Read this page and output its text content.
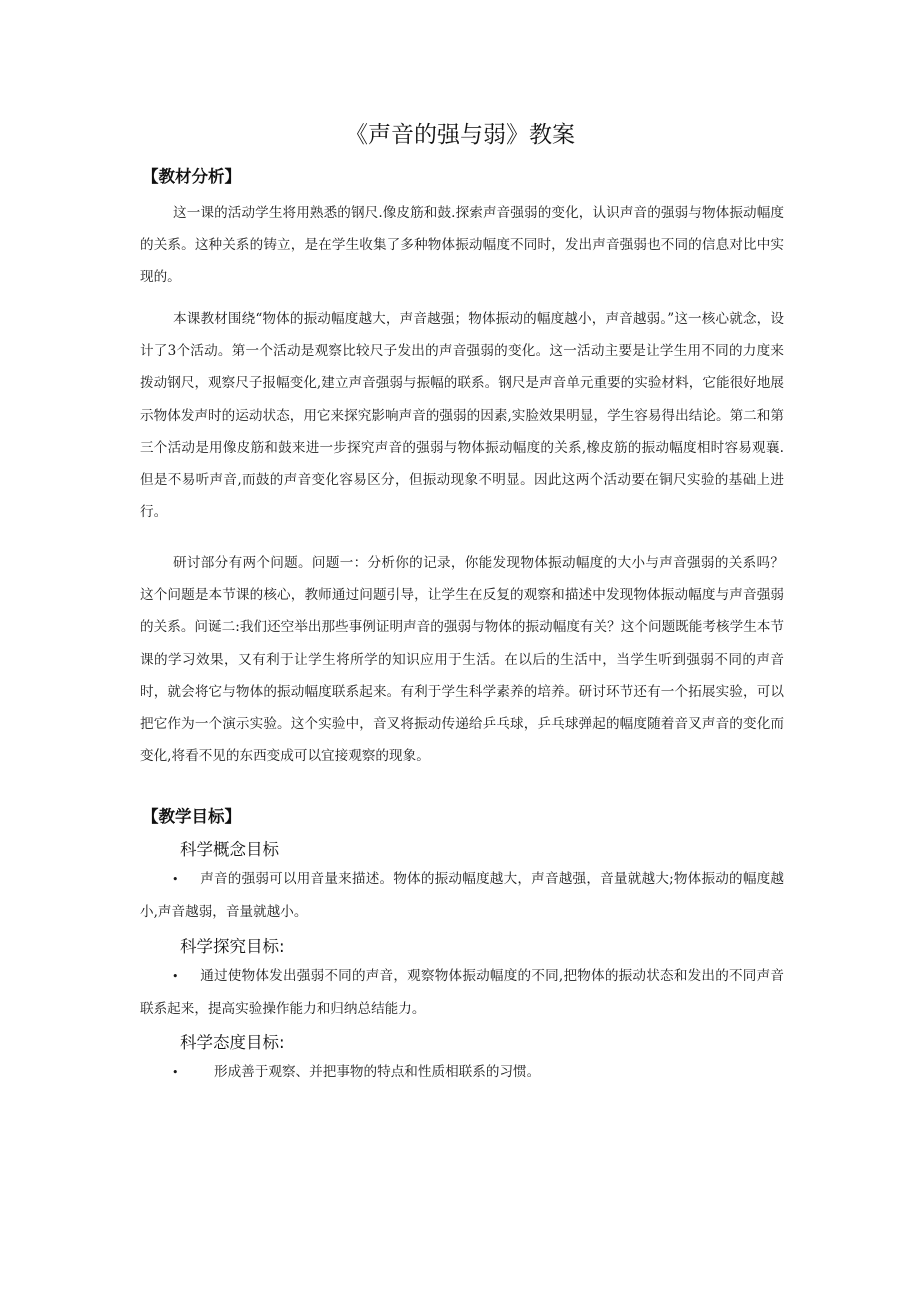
《声音的强与弱》教案
【教材分析】

这一课的活动学生将用熟悉的钢尺.像皮筋和鼓.探索声音强弱的变化，认识声音的强弱与物体振动幅度的关系。这种关系的铸立，是在学生收集了多种物体振动幅度不同时，发出声音强弱也不同的信息对比中实现的。

本课教材围绕“物体的振动幅度越大，声音越强；物体振动的幅度越小，声音越弱。”这一核心就念，设计了3个活动。第一个活动是观察比较尺子发出的声音强弱的变化。这一活动主要是让学生用不同的力度来拨动钢尺，观察尺子报幅变化,建立声音强弱与振幅的联系。钢尺是声音单元重要的实验材料，它能很好地展示物体发声时的运动状态，用它来探究影响声音的强弱的因素,实脸效果明显，学生容易得出结论。第二和第三个活动是用像皮筋和鼓来进一步探究声音的强弱与物体振动幅度的关系,橡皮筋的振动幅度相时容易观襄.但是不易听声音,而鼓的声音变化容易区分，但振动现象不明显。因此这两个活动要在铜尺实验的基础上进行。

研讨部分有两个问题。问题一：分析你的记录，你能发现物体振动幅度的大小与声音强弱的关系吗？这个问题是本节课的核心，教师通过问题引导，让学生在反复的观察和描述中发现物体振动幅度与声音强弱的关系。问诞二:我们还空举出那些事例证明声音的强弱与物体的振动幅度有关？这个问题既能考核学生本节课的学习效果，又有利于让学生将所学的知识应用于生活。在以后的生活中，当学生听到强弱不同的声音时，就会将它与物体的振动幅度联系起来。有利于学生科学素养的培养。研讨环节还有一个拓展实验，可以把它作为一个演示实验。这个实验中，音叉将振动传递给乒乓球，乒乓球弹起的幅度随着音叉声音的变化而变化,将看不见的东西变成可以宜接观察的现象。

【教学目标】
科学概念目标

• 声音的强弱可以用音量来描述。物体的振动幅度越大，声音越强，音量就越大;物体振动的幅度越小,声音越弱，音量就越小。

科学探究目标:

• 通过使物体发出强弱不同的声音，观察物体振动幅度的不同,把物体的振动状态和发出的不同声音联系起来，提高实验操作能力和归纳总结能力。

科学态度目标:
•	形成善于观察、并把事物的特点和性质相联系的习惯。
